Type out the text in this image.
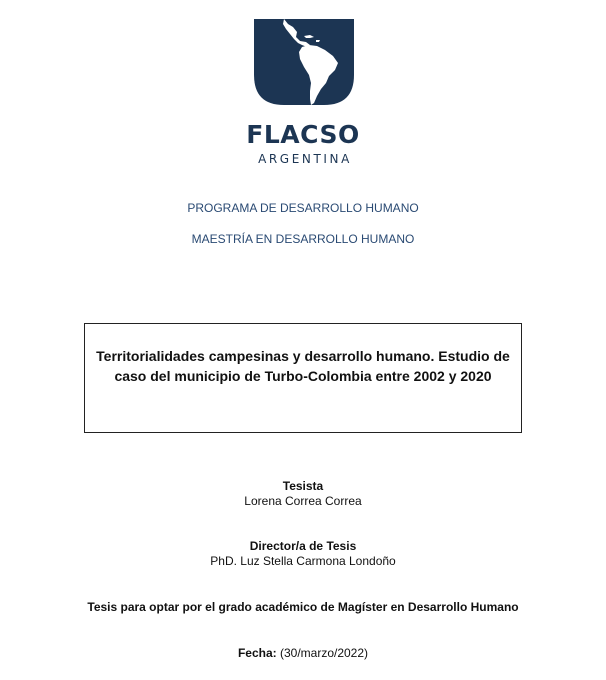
FLACSO
ARGENTINA
PROGRAMA DE DESARROLLO HUMANO
MAESTRÍA EN DESARROLLO HUMANO
Territorialidades campesinas y desarrollo humano. Estudio de
caso del municipio de Turbo-Colombia entre 2002 y 2020
Tesista
Lorena Correa Correa
Director/a de Tesis
PhD. Luz Stella Carmona Londoño
Tesis para optar por el grado académico de Magíster en Desarrollo Humano
Fecha: (30/marzo/2022)
